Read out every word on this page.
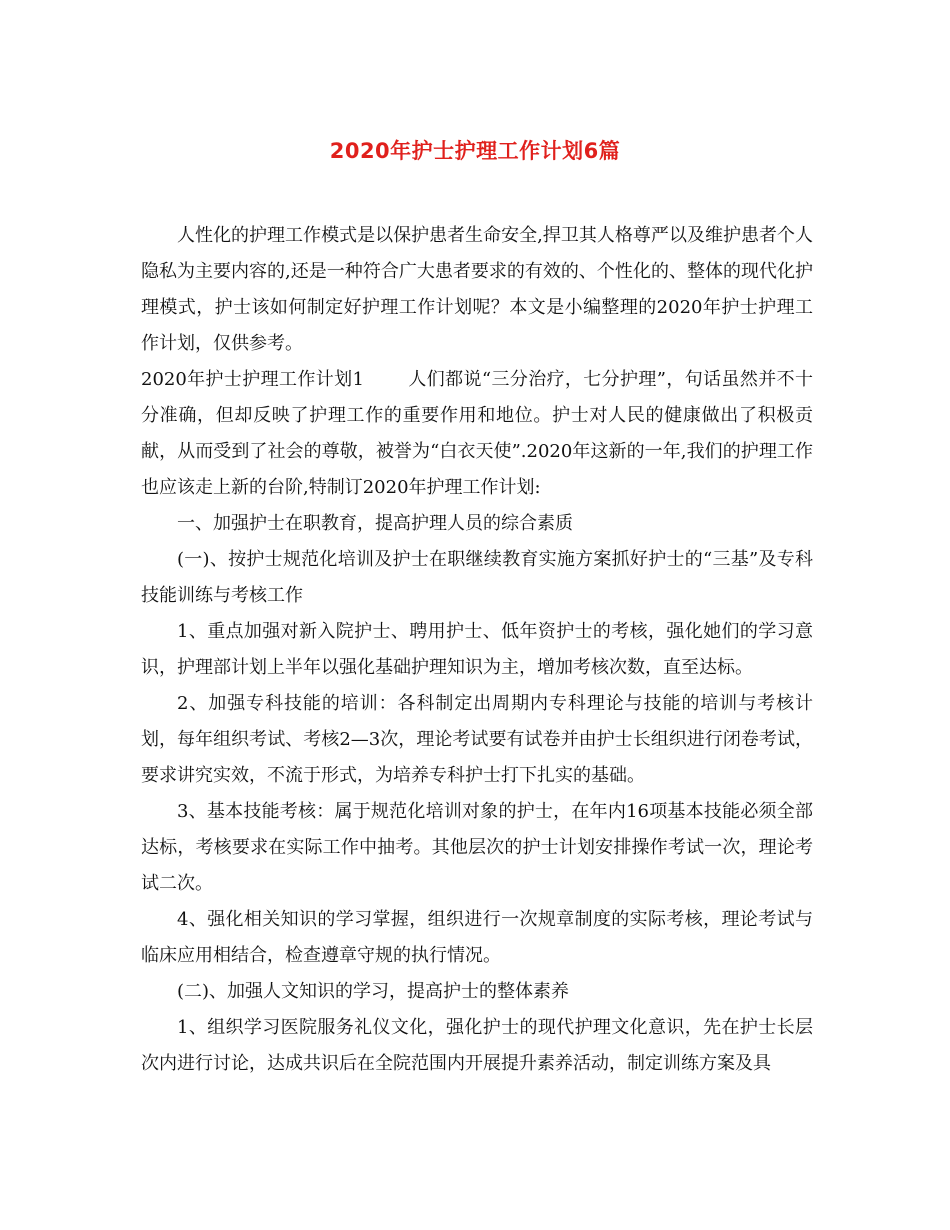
2020年护士护理工作计划6篇

人性化的护理工作模式是以保护患者生命安全,捍卫其人格尊严以及维护患者个人隐私为主要内容的,还是一种符合广大患者要求的有效的、个性化的、整体的现代化护理模式，护士该如何制定好护理工作计划呢？本文是小编整理的2020年护士护理工作计划，仅供参考。

2020年护士护理工作计划1 人们都说“三分治疗，七分护理”，句话虽然并不十分准确，但却反映了护理工作的重要作用和地位。护士对人民的健康做出了积极贡献，从而受到了社会的尊敬，被誉为“白衣天使”.2020年这新的一年,我们的护理工作也应该走上新的台阶,特制订2020年护理工作计划:

一、加强护士在职教育，提高护理人员的综合素质

(一)、按护士规范化培训及护士在职继续教育实施方案抓好护士的“三基”及专科技能训练与考核工作

1、重点加强对新入院护士、聘用护士、低年资护士的考核，强化她们的学习意识，护理部计划上半年以强化基础护理知识为主，增加考核次数，直至达标。

2、加强专科技能的培训：各科制定出周期内专科理论与技能的培训与考核计划，每年组织考试、考核2—3次，理论考试要有试卷并由护士长组织进行闭卷考试，要求讲究实效，不流于形式，为培养专科护士打下扎实的基础。

3、基本技能考核：属于规范化培训对象的护士，在年内16项基本技能必须全部达标，考核要求在实际工作中抽考。其他层次的护士计划安排操作考试一次，理论考试二次。

4、强化相关知识的学习掌握，组织进行一次规章制度的实际考核，理论考试与临床应用相结合，检查遵章守规的执行情况。

(二)、加强人文知识的学习，提高护士的整体素养

1、组织学习医院服务礼仪文化，强化护士的现代护理文化意识，先在护士长层次内进行讨论，达成共识后在全院范围内开展提升素养活动，制定训练方案及具
